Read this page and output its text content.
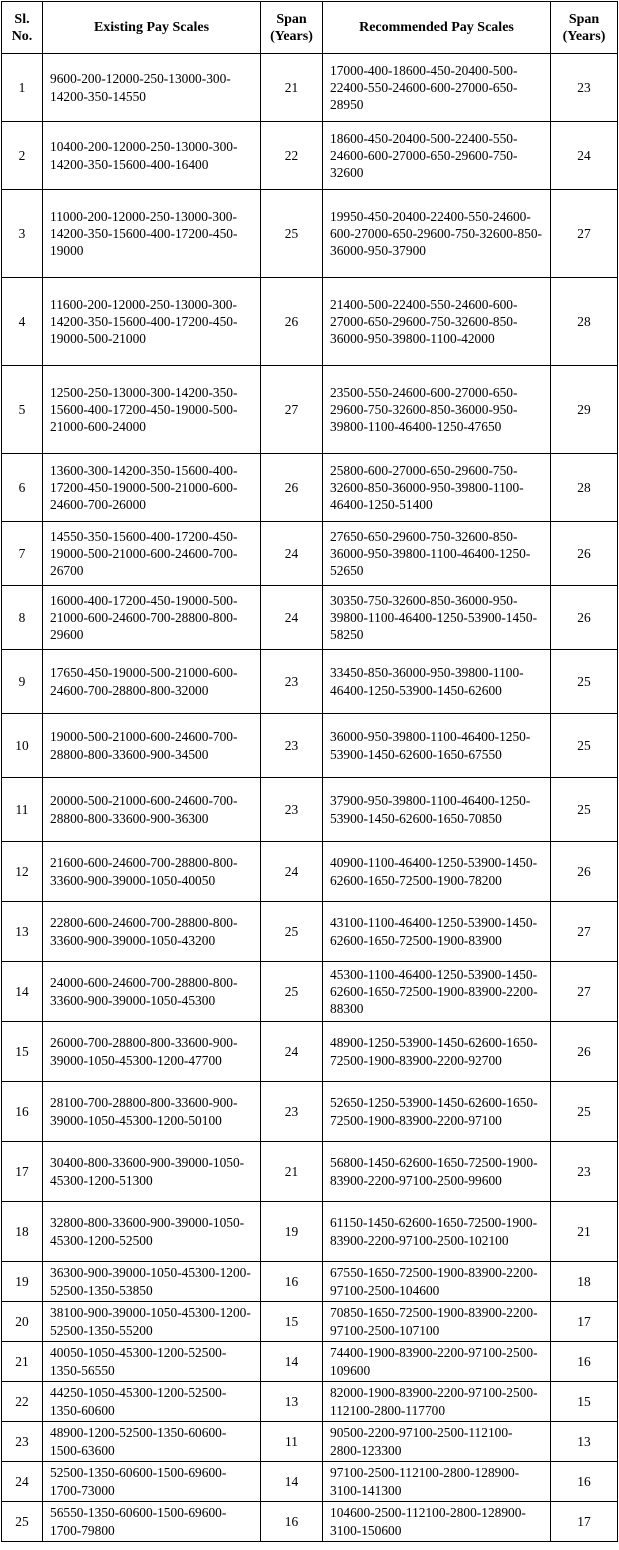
Sl. No.	Existing Pay Scales	Span (Years)	Recommended Pay Scales	Span (Years)
1	9600-200-12000-250-13000-300-14200-350-14550	21	17000-400-18600-450-20400-500-22400-550-24600-600-27000-650-28950	23
2	10400-200-12000-250-13000-300-14200-350-15600-400-16400	22	18600-450-20400-500-22400-550-24600-600-27000-650-29600-750-32600	24
3	11000-200-12000-250-13000-300-14200-350-15600-400-17200-450-19000	25	19950-450-20400-22400-550-24600-600-27000-650-29600-750-32600-850-36000-950-37900	27
4	11600-200-12000-250-13000-300-14200-350-15600-400-17200-450-19000-500-21000	26	21400-500-22400-550-24600-600-27000-650-29600-750-32600-850-36000-950-39800-1100-42000	28
5	12500-250-13000-300-14200-350-15600-400-17200-450-19000-500-21000-600-24000	27	23500-550-24600-600-27000-650-29600-750-32600-850-36000-950-39800-1100-46400-1250-47650	29
6	13600-300-14200-350-15600-400-17200-450-19000-500-21000-600-24600-700-26000	26	25800-600-27000-650-29600-750-32600-850-36000-950-39800-1100-46400-1250-51400	28
7	14550-350-15600-400-17200-450-19000-500-21000-600-24600-700-26700	24	27650-650-29600-750-32600-850-36000-950-39800-1100-46400-1250-52650	26
8	16000-400-17200-450-19000-500-21000-600-24600-700-28800-800-29600	24	30350-750-32600-850-36000-950-39800-1100-46400-1250-53900-1450-58250	26
9	17650-450-19000-500-21000-600-24600-700-28800-800-32000	23	33450-850-36000-950-39800-1100-46400-1250-53900-1450-62600	25
10	19000-500-21000-600-24600-700-28800-800-33600-900-34500	23	36000-950-39800-1100-46400-1250-53900-1450-62600-1650-67550	25
11	20000-500-21000-600-24600-700-28800-800-33600-900-36300	23	37900-950-39800-1100-46400-1250-53900-1450-62600-1650-70850	25
12	21600-600-24600-700-28800-800-33600-900-39000-1050-40050	24	40900-1100-46400-1250-53900-1450-62600-1650-72500-1900-78200	26
13	22800-600-24600-700-28800-800-33600-900-39000-1050-43200	25	43100-1100-46400-1250-53900-1450-62600-1650-72500-1900-83900	27
14	24000-600-24600-700-28800-800-33600-900-39000-1050-45300	25	45300-1100-46400-1250-53900-1450-62600-1650-72500-1900-83900-2200-88300	27
15	26000-700-28800-800-33600-900-39000-1050-45300-1200-47700	24	48900-1250-53900-1450-62600-1650-72500-1900-83900-2200-92700	26
16	28100-700-28800-800-33600-900-39000-1050-45300-1200-50100	23	52650-1250-53900-1450-62600-1650-72500-1900-83900-2200-97100	25
17	30400-800-33600-900-39000-1050-45300-1200-51300	21	56800-1450-62600-1650-72500-1900-83900-2200-97100-2500-99600	23
18	32800-800-33600-900-39000-1050-45300-1200-52500	19	61150-1450-62600-1650-72500-1900-83900-2200-97100-2500-102100	21
19	36300-900-39000-1050-45300-1200-52500-1350-53850	16	67550-1650-72500-1900-83900-2200-97100-2500-104600	18
20	38100-900-39000-1050-45300-1200-52500-1350-55200	15	70850-1650-72500-1900-83900-2200-97100-2500-107100	17
21	40050-1050-45300-1200-52500-1350-56550	14	74400-1900-83900-2200-97100-2500-109600	16
22	44250-1050-45300-1200-52500-1350-60600	13	82000-1900-83900-2200-97100-2500-112100-2800-117700	15
23	48900-1200-52500-1350-60600-1500-63600	11	90500-2200-97100-2500-112100-2800-123300	13
24	52500-1350-60600-1500-69600-1700-73000	14	97100-2500-112100-2800-128900-3100-141300	16
25	56550-1350-60600-1500-69600-1700-79800	16	104600-2500-112100-2800-128900-3100-150600	17
